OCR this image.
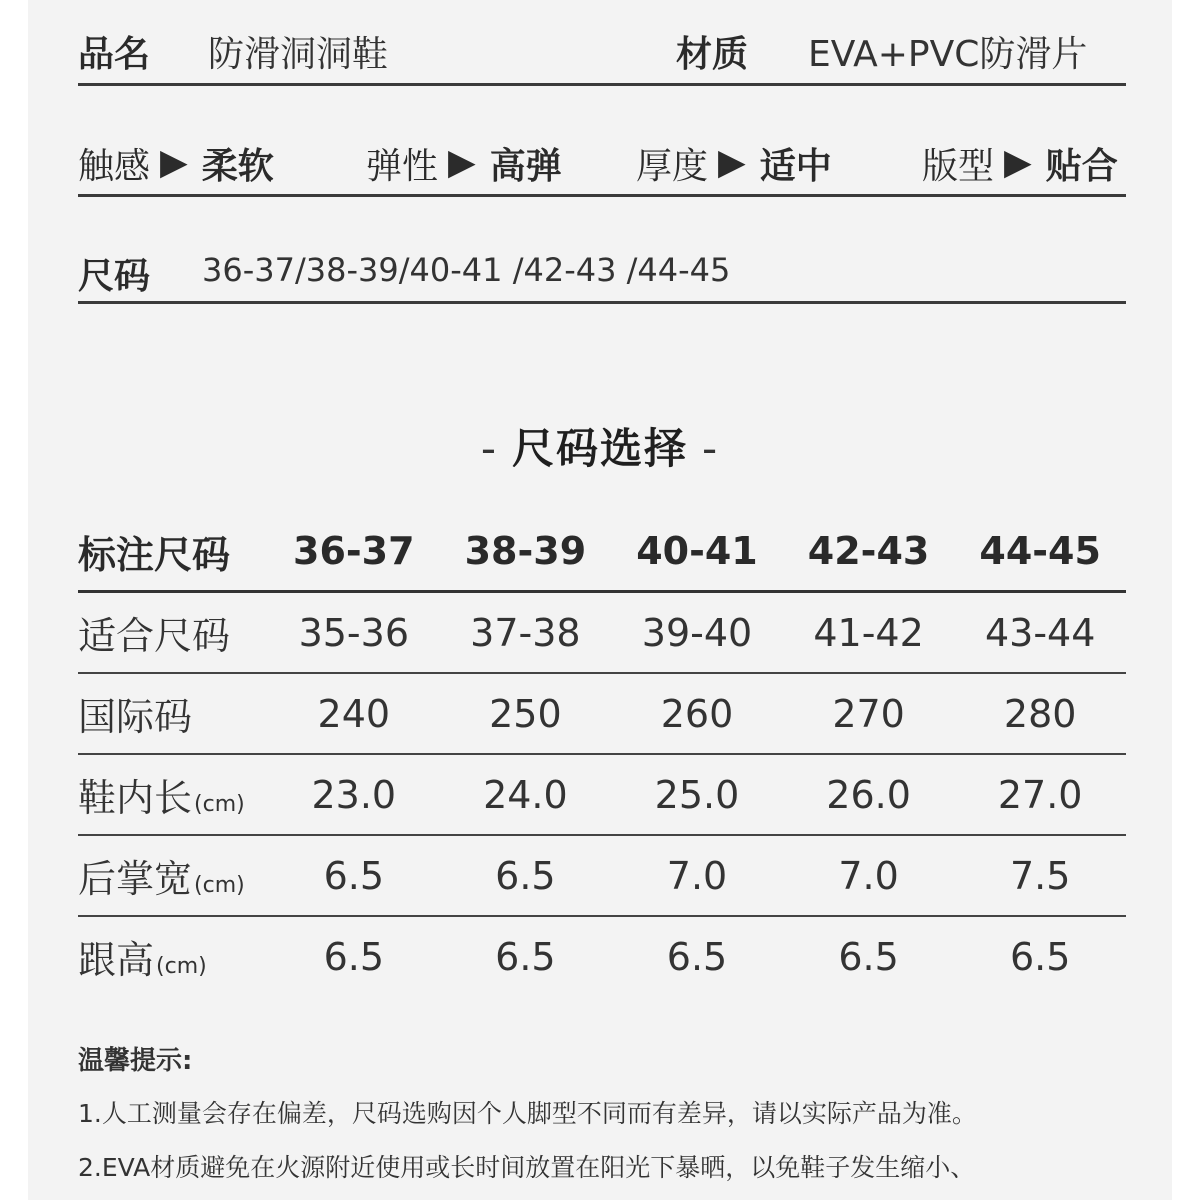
品名 防滑洞洞鞋	材质 EVA+PVC防滑片
触感 ▶ 柔软	弹性 ▶ 高弹 厚度 ▶ 适中	版型 ▶ 贴合
尺码 36-37/38-39/40-41 /42-43 /44-45
- 尺码选择 -
标注尺码	36-37	38-39	40-41	42-43	44-45
适合尺码	35-36	37-38	39-40	41-42	43-44
国际码	240	250	260	270	280
鞋内长(cm)	23.0	24.0	25.0	26.0	27.0
后掌宽(cm)	6.5	6.5	7.0	7.0	7.5
跟高(cm)	6.5	6.5	6.5	6.5	6.5
温馨提示:
1.人工测量会存在偏差，尺码选购因个人脚型不同而有差异，请以实际产品为准。
2.EVA材质避免在火源附近使用或长时间放置在阳光下暴晒，以免鞋子发生缩小、
